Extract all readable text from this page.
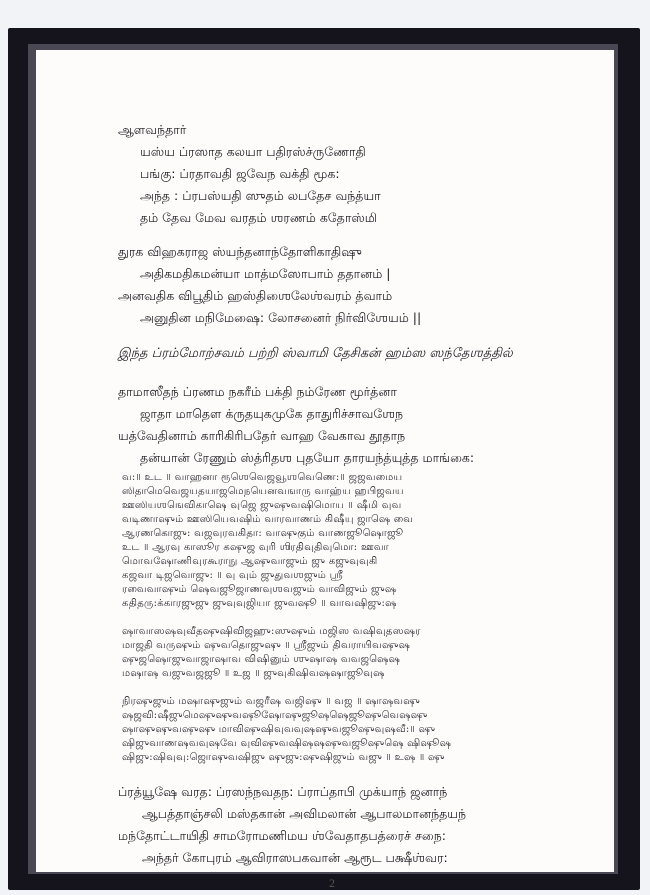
ஆளவந்தார்
யஸ்ய ப்ரஸாத கலயா பதிரஸ்ச்ருணோதி
பங்கு: ப்ரதாவதி ஜவேந வக்தி மூக:
அந்த : ப்ரபஸ்யதி ஸுதம் லபதேச வந்த்யா
தம் தேவ மேவ வரதம் ஶரணம் கதோஸ்மி
துரக விஹகராஜ ஸ்யந்தனாந்தோளிகாதிஷு
அதிகமதிகமன்யா மாத்மஸோபாம் ததானம் |
அனவதிக விபூதிம் ஹஸ்திஶைலேஶ்வரம் த்வாம்
அனுதின மநிமேஷை: லோசனைர் நிர்விஶேயம் ||
இந்த ப்ரம்மோற்சவம் பற்றி ஸ்வாமி தேசிகன் ஹம்ஸ ஸந்தேஶத்தில்
தாமாஸீதந் ப்ரணம நகரீம் பக்தி நம்ரேண மூர்த்னா
ஜாதா மாதௌ க்ருதயுகமுகே தாதுரிச்சாவஶேந
யத்வேதினாம் காரிகிரிபதேர் வாஹ வேகாவ தூதாந
தன்யான் ரேணும் ஸ்த்ரிதஶ புதயோ தாரயந்த்யுத்த மாங்கை:
வ:॥ உட ॥ வாஹனா ரூஶெவெஜவூஶவெணெ:॥ ஜஜவமைய
ஸிதாமெவெஜயதயாஜமெநயெனவஙாரு வாஹ்ய ஹபிஜவய
ஊஸியஶஙெவிகாஷெ வுஜெ ஜுஷுவஷிமொய ॥ ஷீமி வுவ
வடிணாஷும் ஊஸியெவஷிம் வாரவாணம் கிஷீயு ஜாஷெ வை
ஆரணகொஜு: வஜவுரவகிதா: வாஷுகும் வாணஜூஷொஜூ
உட ॥ ஆரவு காஸூர கஷுஜ வுரி ஶிரதிவுதிவுமொ: ஊவா
மொவஷோணிவுரகூராநு ஆஷுவாஜும் ஜு கஜுவுவுகி
கஜவா டிஜவொஜு: ॥ வு வும் ஜுதுவஶஜும் ஸ்ரீ
ரவைவாஷும் ஷெவஜூஜாணவுஶவஜும் வாவிஜும் ஜுஷ
கதிதரு:க்காரஜுஜு ஜுவுவுஜியா ஜுவஷூ ॥ வாவஷிஜு:ஷ
ஷாவாஸஷவுவீதஷுஷிவிஜஹு:ஸுஷும் மஜிஸ வஷிவுதஸஷர
மாஜதி வருஷும் ஷுவதொஜுஷு ॥ ஸ்ரீஜும் திவராயிவஷுஷ
ஷுஜஷொஜுவாஜாஷாவ விஷினும் ஶுஷாஷ வவஜஷெஷ
மஷாஷ வஜுவஜஜூ ॥ உஜ ॥ ஜுவுகிஷிவஷஷாஜூவுஷ
நிரஷுஜும் மஷாஷுஜும் வஜரீஷ வஜிஷு ॥ வஜ ॥ ஷாஷவஷு
ஷஜவி:ஷீஜுமெஷுஷுவஷூஷோஷுஜூஷஷெஜூஷுவெஷஷு
ஷாஷுஷுவஷுஷு மாவிஷுஷிவுவவுஷஷுவஜூஷுவுஷவீ:॥ ஷு
ஷிஜுவாணஷவவுஷவே வுவிஷுவஷிஷஷஷுவஜூஷுஷெ ஷிஷூஷ
ஷிஜு:ஷிவுவு:ஜொஷுவஷிஜு ஷுஜு:ஷுஷிஜும் வஜு ॥ உஷ ॥ ஷு
ப்ரத்யூஷே வரத: ப்ரஸந்நவதந: ப்ராப்தாபி முக்யாந் ஜனாந்
ஆபத்தாஞ்சலி மஸ்தகான் அவிமலான் ஆபாலமானந்தயந்
மந்தோட்டாயிதி சாமரோமணிமய ஶ்வேதாதபத்ரைச் சநை:
அந்தர் கோபுரம் ஆவிராஸபகவான் ஆரூட பக்ஷீஶ்வர:
2
